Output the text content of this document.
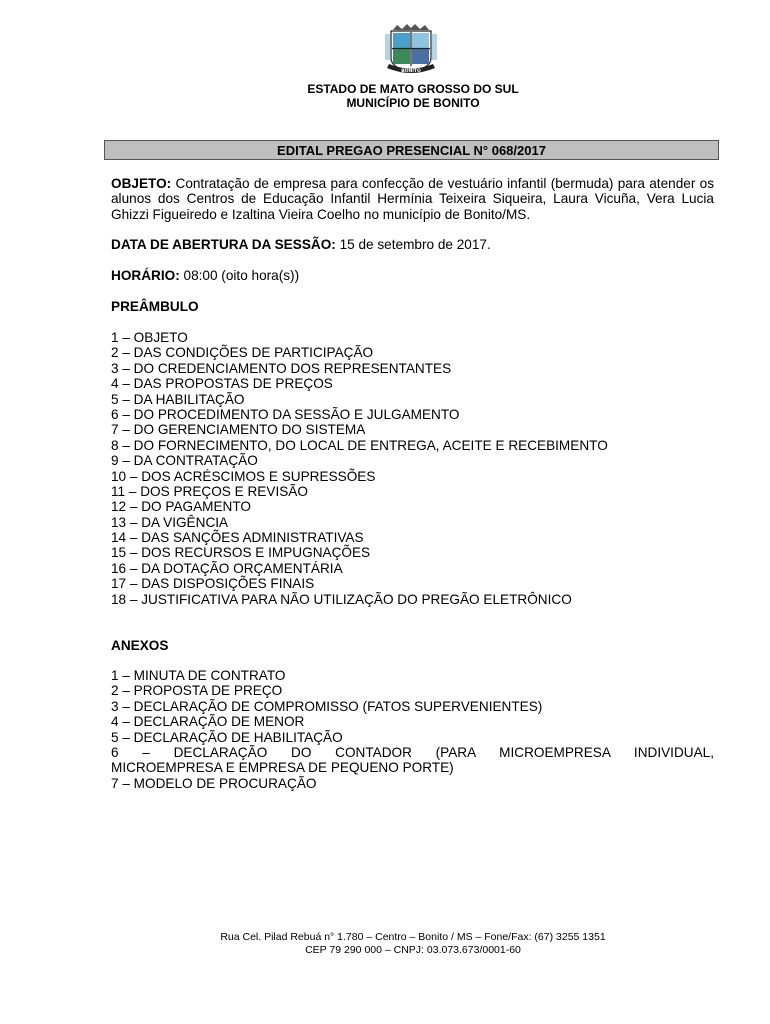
BONITO
ESTADO DE MATO GROSSO DO SUL
MUNICÍPIO DE BONITO
EDITAL PREGAO PRESENCIAL N° 068/2017
OBJETO: Contratação de empresa para confecção de vestuário infantil (bermuda) para atender os alunos dos Centros de Educação Infantil Hermínia Teixeira Siqueira, Laura Vicuña, Vera Lucia Ghizzi Figueiredo e Izaltina Vieira Coelho no município de Bonito/MS.
DATA DE ABERTURA DA SESSÃO: 15 de setembro de 2017.
HORÁRIO: 08:00 (oito hora(s))
PREÂMBULO
1 – OBJETO
2 – DAS CONDIÇÕES DE PARTICIPAÇÃO
3 – DO CREDENCIAMENTO DOS REPRESENTANTES
4 – DAS PROPOSTAS DE PREÇOS
5 – DA HABILITAÇÃO
6 – DO PROCEDIMENTO DA SESSÃO E JULGAMENTO
7 – DO GERENCIAMENTO DO SISTEMA
8 – DO FORNECIMENTO, DO LOCAL DE ENTREGA, ACEITE E RECEBIMENTO
9 – DA CONTRATAÇÃO
10 – DOS ACRÉSCIMOS E SUPRESSÕES
11 – DOS PREÇOS E REVISÃO
12 – DO PAGAMENTO
13 – DA VIGÊNCIA
14 – DAS SANÇÕES ADMINISTRATIVAS
15 – DOS RECURSOS E IMPUGNAÇÕES
16 – DA DOTAÇÃO ORÇAMENTÁRIA
17 – DAS DISPOSIÇÕES FINAIS
18 – JUSTIFICATIVA PARA NÃO UTILIZAÇÃO DO PREGÃO ELETRÔNICO
ANEXOS
1 – MINUTA DE CONTRATO
2 – PROPOSTA DE PREÇO
3 – DECLARAÇÃO DE COMPROMISSO (FATOS SUPERVENIENTES)
4 – DECLARAÇÃO DE MENOR
5 – DECLARAÇÃO DE HABILITAÇÃO
6 – DECLARAÇÃO DO CONTADOR (PARA MICROEMPRESA INDIVIDUAL,
MICROEMPRESA E EMPRESA DE PEQUENO PORTE)
7 – MODELO DE PROCURAÇÃO
Rua Cel. Pilad Rebuá n° 1.780 – Centro – Bonito / MS – Fone/Fax: (67) 3255 1351
CEP 79 290 000 – CNPJ: 03.073.673/0001-60
